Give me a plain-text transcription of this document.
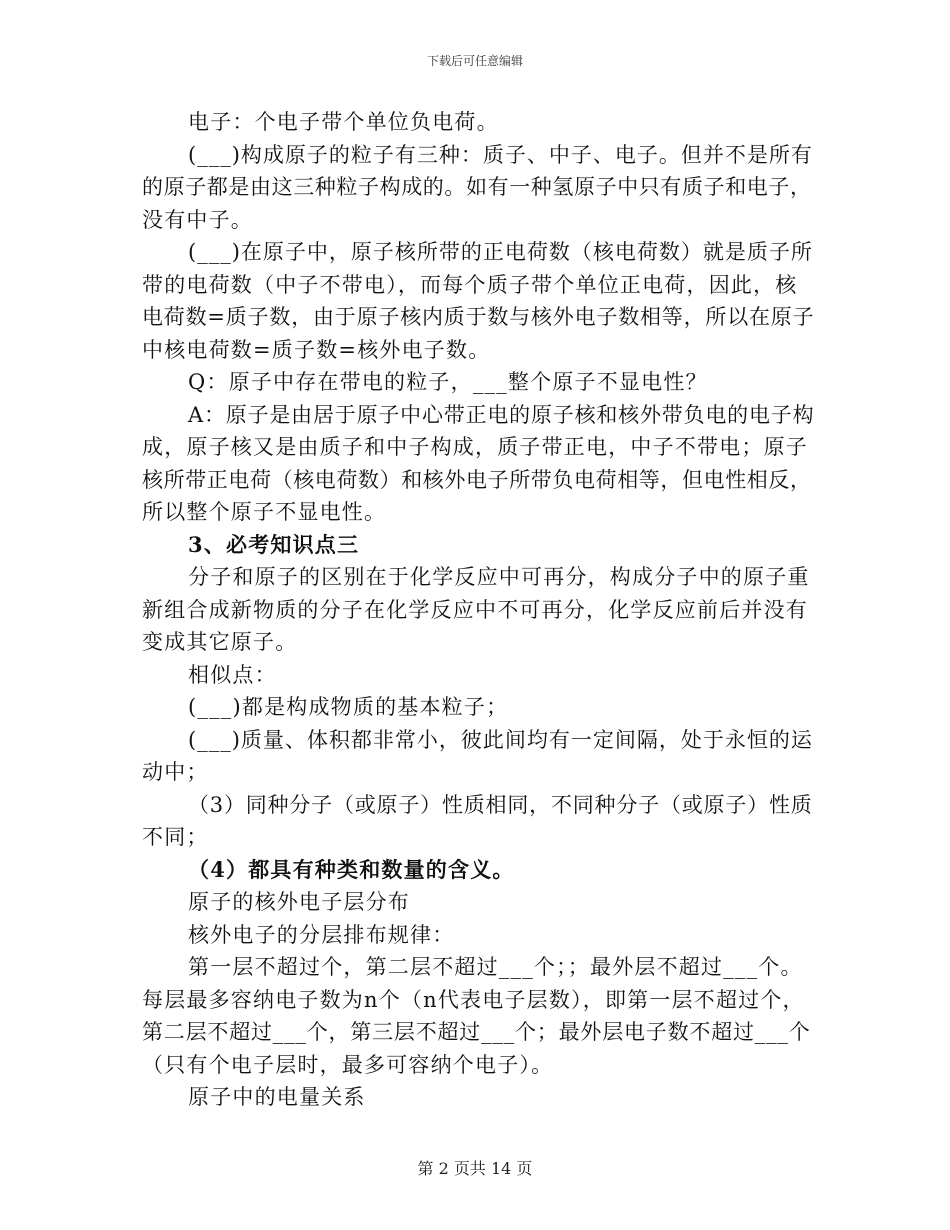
下载后可任意编辑
电子：个电子带个单位负电荷。
(___)构成原子的粒子有三种：质子、中子、电子。但并不是所有
的原子都是由这三种粒子构成的。如有一种氢原子中只有质子和电子，
没有中子。
(___)在原子中，原子核所带的正电荷数（核电荷数）就是质子所
带的电荷数（中子不带电），而每个质子带个单位正电荷，因此，核
电荷数=质子数，由于原子核内质于数与核外电子数相等，所以在原子
中核电荷数=质子数=核外电子数。
Q：原子中存在带电的粒子，___整个原子不显电性？
A：原子是由居于原子中心带正电的原子核和核外带负电的电子构
成，原子核又是由质子和中子构成，质子带正电，中子不带电；原子
核所带正电荷（核电荷数）和核外电子所带负电荷相等，但电性相反，
所以整个原子不显电性。
3、必考知识点三
分子和原子的区别在于化学反应中可再分，构成分子中的原子重
新组合成新物质的分子在化学反应中不可再分，化学反应前后并没有
变成其它原子。
相似点：
(___)都是构成物质的基本粒子；
(___)质量、体积都非常小，彼此间均有一定间隔，处于永恒的运
动中；
（3）同种分子（或原子）性质相同，不同种分子（或原子）性质
不同；
（4）都具有种类和数量的含义。
原子的核外电子层分布
核外电子的分层排布规律：
第一层不超过个，第二层不超过___个；；最外层不超过___个。
每层最多容纳电子数为n个（n代表电子层数），即第一层不超过个，
第二层不超过___个，第三层不超过___个；最外层电子数不超过___个
（只有个电子层时，最多可容纳个电子）。
原子中的电量关系
第 2 页共 14 页
